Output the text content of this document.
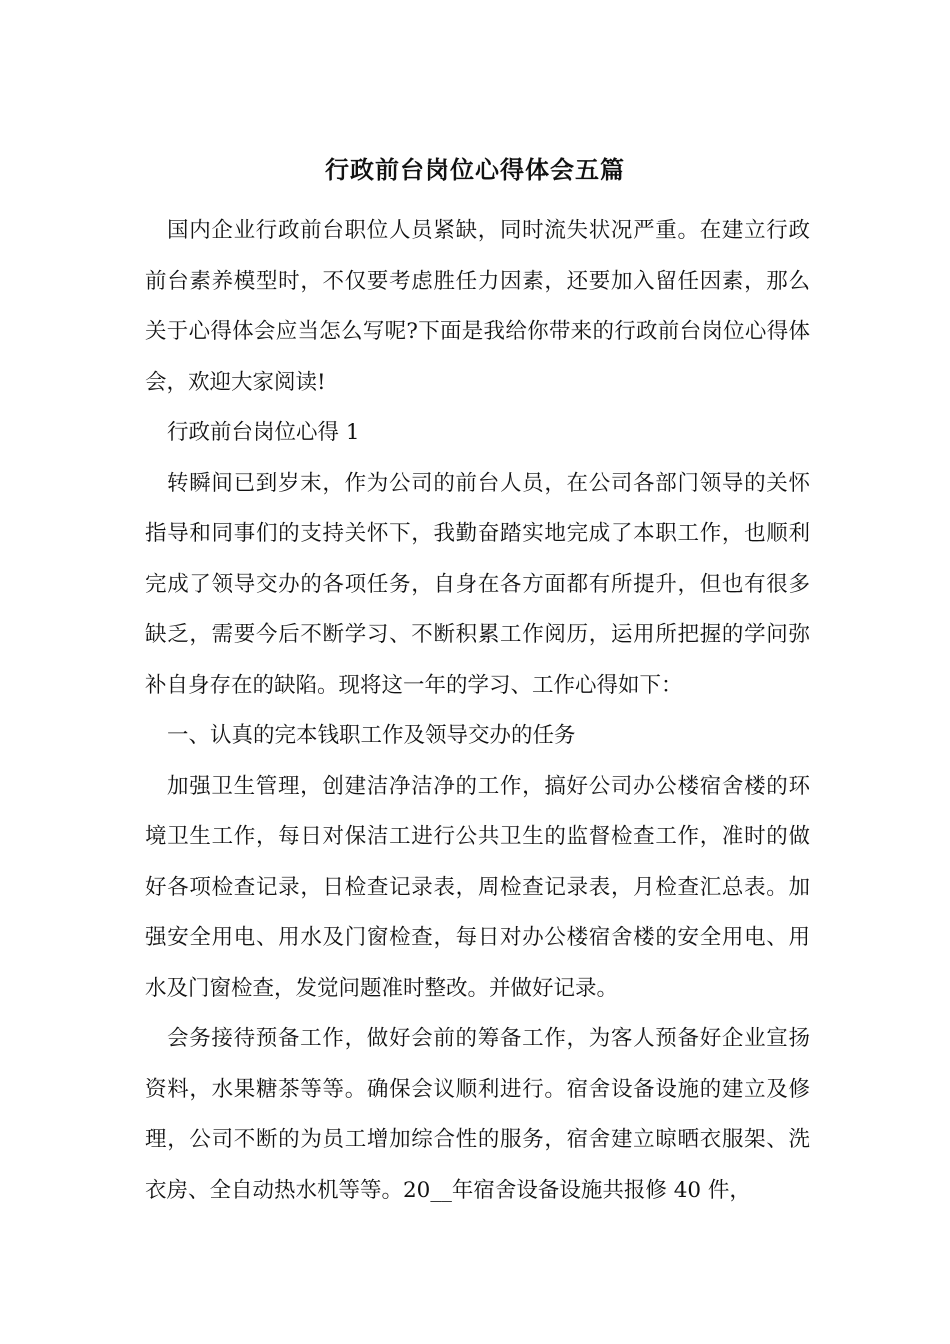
行政前台岗位心得体会五篇

国内企业行政前台职位人员紧缺，同时流失状况严重。在建立行政前台素养模型时，不仅要考虑胜任力因素，还要加入留任因素，那么关于心得体会应当怎么写呢?下面是我给你带来的行政前台岗位心得体会，欢迎大家阅读!

行政前台岗位心得 1

转瞬间已到岁末，作为公司的前台人员，在公司各部门领导的关怀指导和同事们的支持关怀下，我勤奋踏实地完成了本职工作，也顺利完成了领导交办的各项任务，自身在各方面都有所提升，但也有很多缺乏，需要今后不断学习、不断积累工作阅历，运用所把握的学问弥补自身存在的缺陷。现将这一年的学习、工作心得如下：

一、认真的完本钱职工作及领导交办的任务

加强卫生管理，创建洁净洁净的工作，搞好公司办公楼宿舍楼的环境卫生工作，每日对保洁工进行公共卫生的监督检查工作，准时的做好各项检查记录，日检查记录表，周检查记录表，月检查汇总表。加强安全用电、用水及门窗检查，每日对办公楼宿舍楼的安全用电、用水及门窗检查，发觉问题准时整改。并做好记录。

会务接待预备工作，做好会前的筹备工作，为客人预备好企业宣扬资料，水果糖茶等等。确保会议顺利进行。宿舍设备设施的建立及修理，公司不断的为员工增加综合性的服务，宿舍建立晾晒衣服架、洗衣房、全自动热水机等等。20__年宿舍设备设施共报修 40 件，
